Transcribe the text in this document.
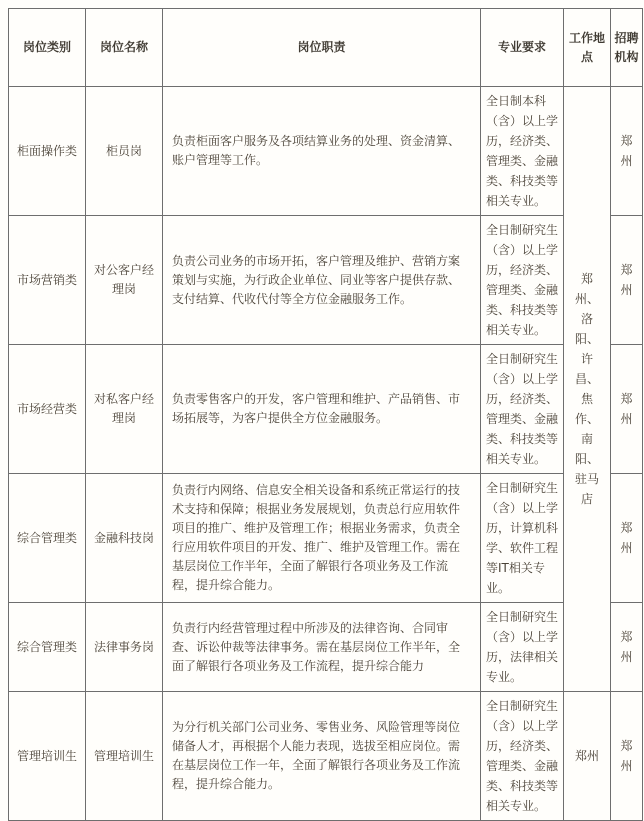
岗位类别	岗位名称	岗位职责	专业要求	工作地点	招聘机构
柜面操作类	柜员岗	负责柜面客户服务及各项结算业务的处理、资金清算、账户管理等工作。	全日制本科（含）以上学历，经济类、管理类、金融类、科技类等相关专业。	郑州、洛阳、许昌、焦作、南阳、驻马店	郑州
市场营销类	对公客户经理岗	负责公司业务的市场开拓，客户管理及维护、营销方案策划与实施，为行政企业单位、同业等客户提供存款、支付结算、代收代付等全方位金融服务工作。	全日制研究生（含）以上学历，经济类、管理类、金融类、科技类等相关专业。		郑州
市场经营类	对私客户经理岗	负责零售客户的开发，客户管理和维护、产品销售、市场拓展等，为客户提供全方位金融服务。	全日制研究生（含）以上学历，经济类、管理类、金融类、科技类等相关专业。		郑州
综合管理类	金融科技岗	负责行内网络、信息安全相关设备和系统正常运行的技术支持和保障；根据业务发展规划，负责总行应用软件项目的推广、维护及管理工作；根据业务需求，负责全行应用软件项目的开发、推广、维护及管理工作。需在基层岗位工作半年，全面了解银行各项业务及工作流程，提升综合能力。	全日制研究生（含）以上学历，计算机科学、软件工程等IT相关专业。		郑州
综合管理类	法律事务岗	负责行内经营管理过程中所涉及的法律咨询、合同审查、诉讼仲裁等法律事务。需在基层岗位工作半年，全面了解银行各项业务及工作流程，提升综合能力	全日制研究生（含）以上学历，法律相关专业。		郑州
管理培训生	管理培训生	为分行机关部门公司业务、零售业务、风险管理等岗位储备人才，再根据个人能力表现，选拔至相应岗位。需在基层岗位工作一年，全面了解银行各项业务及工作流程，提升综合能力。	全日制研究生（含）以上学历，经济类、管理类、金融类、科技类等相关专业。	郑州	郑州
